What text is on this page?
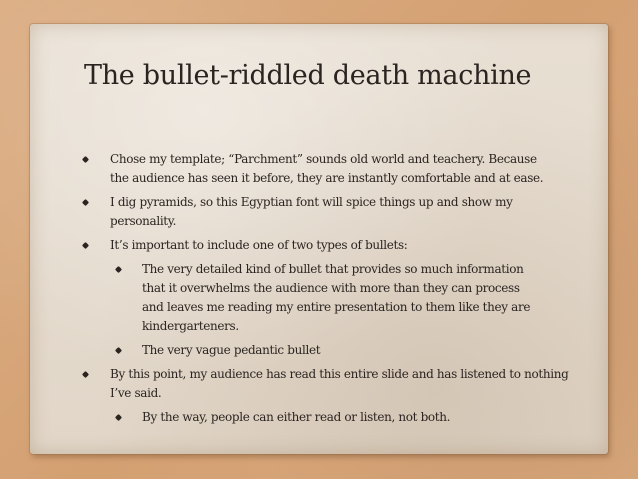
The bullet-riddled death machine
Chose my template; “Parchment” sounds old world and teachery. Because the audience has seen it before, they are instantly comfortable and at ease.
I dig pyramids, so this Egyptian font will spice things up and show my personality.
It’s important to include one of two types of bullets:
The very detailed kind of bullet that provides so much information that it overwhelms the audience with more than they can process and leaves me reading my entire presentation to them like they are kindergarteners.
The very vague pedantic bullet
By this point, my audience has read this entire slide and has listened to nothing I’ve said.
By the way, people can either read or listen, not both.
